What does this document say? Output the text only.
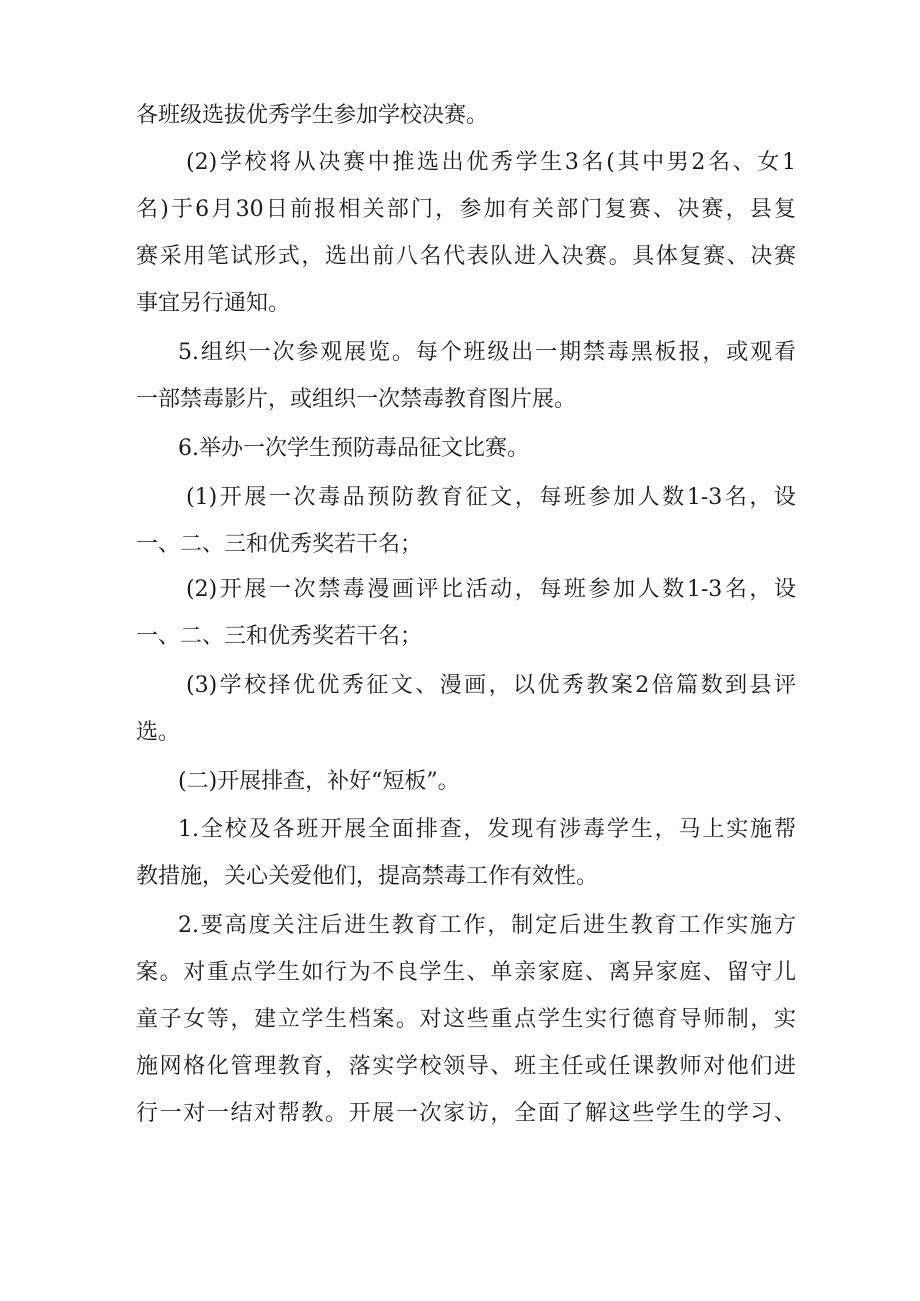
各班级选拔优秀学生参加学校决赛。

(2)学校将从决赛中推选出优秀学生3名(其中男2名、女1

名)于6月30日前报相关部门，参加有关部门复赛、决赛，县复

赛采用笔试形式，选出前八名代表队进入决赛。具体复赛、决赛

事宜另行通知。

5.组织一次参观展览。每个班级出一期禁毒黑板报，或观看

一部禁毒影片，或组织一次禁毒教育图片展。

6.举办一次学生预防毒品征文比赛。

(1)开展一次毒品预防教育征文，每班参加人数1-3名，设

一、二、三和优秀奖若干名；

(2)开展一次禁毒漫画评比活动，每班参加人数1-3名，设

一、二、三和优秀奖若干名；

(3)学校择优优秀征文、漫画，以优秀教案2倍篇数到县评

选。

(二)开展排查，补好“短板”。

1.全校及各班开展全面排查，发现有涉毒学生，马上实施帮

教措施，关心关爱他们，提高禁毒工作有效性。

2.要高度关注后进生教育工作，制定后进生教育工作实施方

案。对重点学生如行为不良学生、单亲家庭、离异家庭、留守儿

童子女等，建立学生档案。对这些重点学生实行德育导师制，实

施网格化管理教育，落实学校领导、班主任或任课教师对他们进

行一对一结对帮教。开展一次家访，全面了解这些学生的学习、
